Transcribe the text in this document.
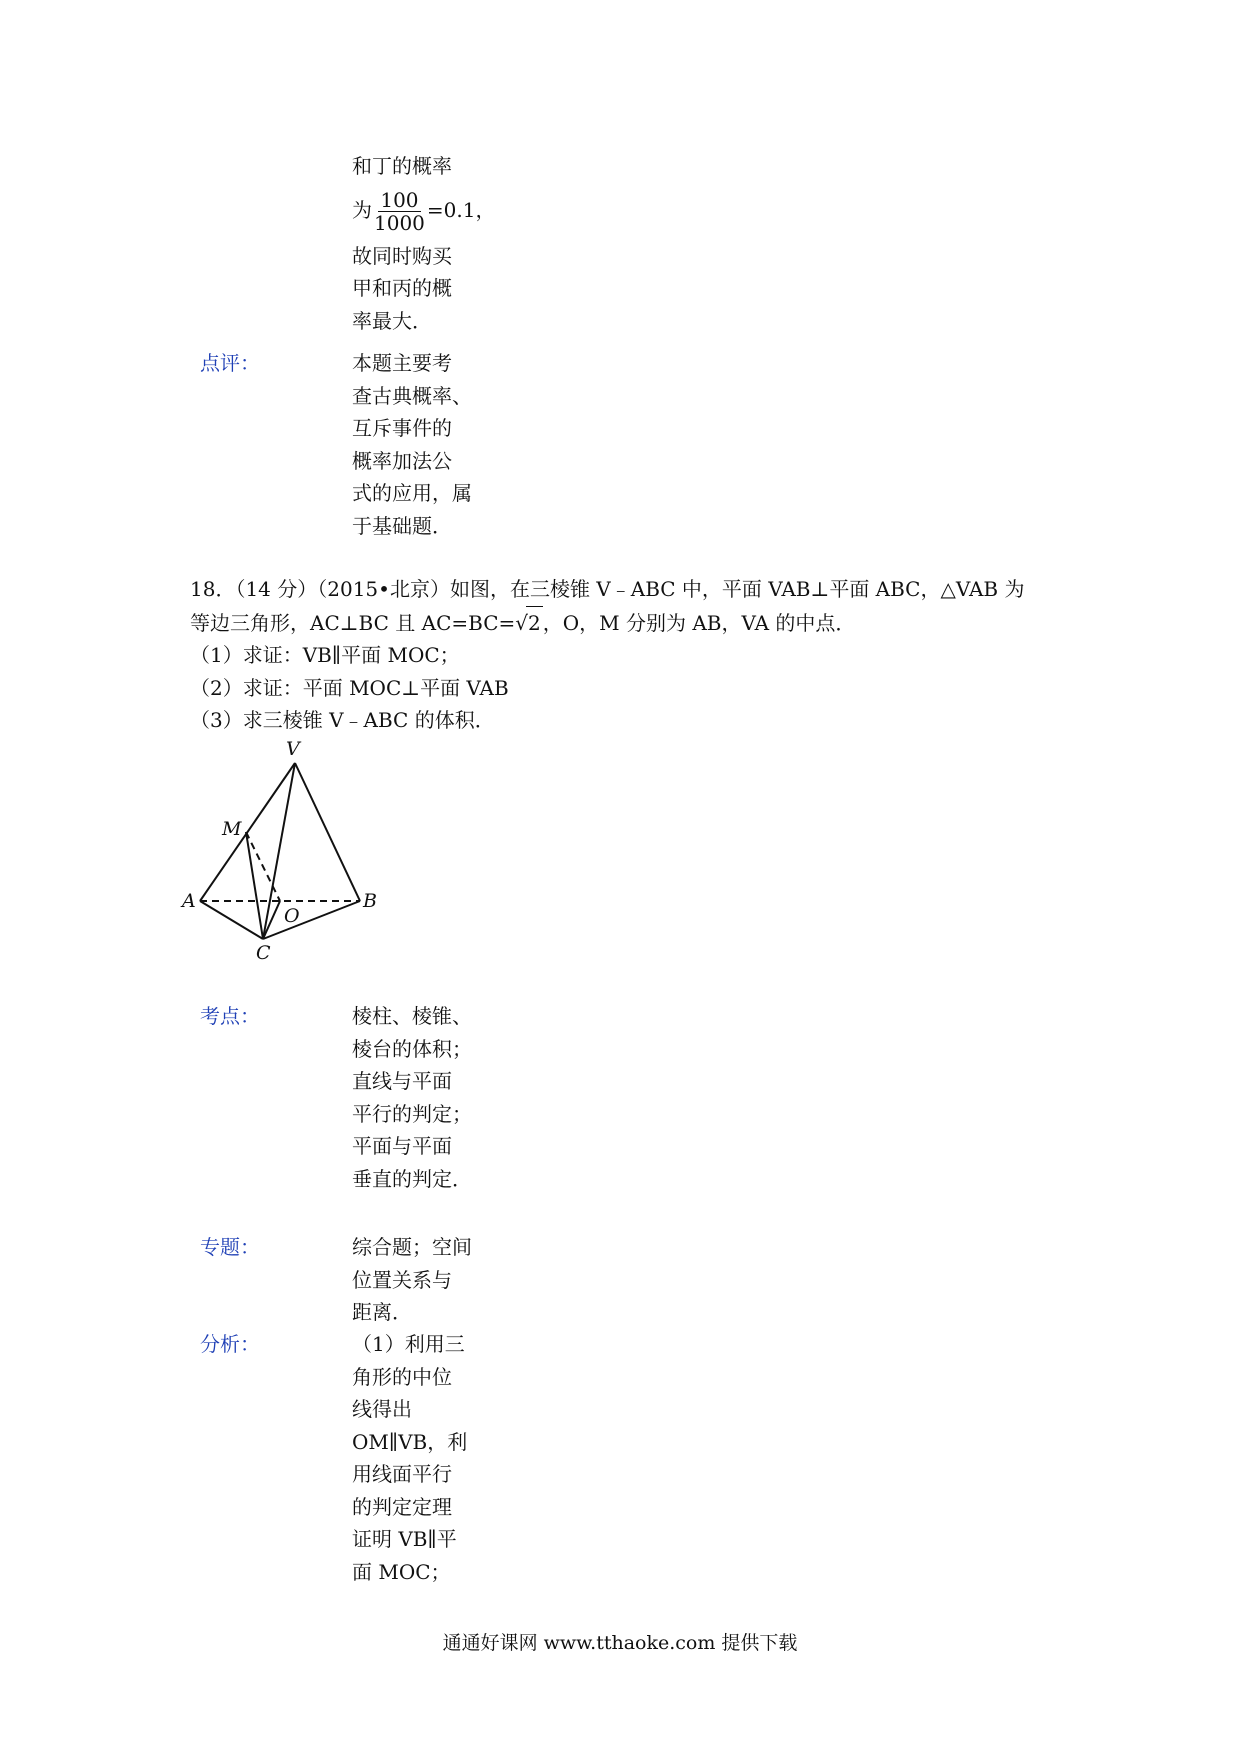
和丁的概率
为 $\frac{100}{1000} =0.1$，
故同时购买
甲和丙的概
率最大．
点评：	本题主要考
查古典概率、
互斥事件的
概率加法公
式的应用，属
于基础题．
18．（14 分）（2015•北京）如图，在三棱锥 V﹣ABC 中，平面 VAB⊥平面 ABC，△VAB 为
等边三角形，AC⊥BC 且 AC=BC=√2 ，O，M 分别为 AB，VA 的中点．
（1）求证：VB∥平面 MOC；
（2）求证：平面 MOC⊥平面 VAB
（3）求三棱锥 V﹣ABC 的体积．
V
M
A
O
B
C
考点：	棱柱、棱锥、
棱台的体积；
直线与平面
平行的判定；
平面与平面
垂直的判定．
专题：	综合题；空间
位置关系与
距离．
分析：	（1）利用三
角形的中位
线得出
OM∥VB，利
用线面平行
的判定定理
证明 VB∥平
面 MOC；
通通好课网 www.tthaoke.com 提供下载
